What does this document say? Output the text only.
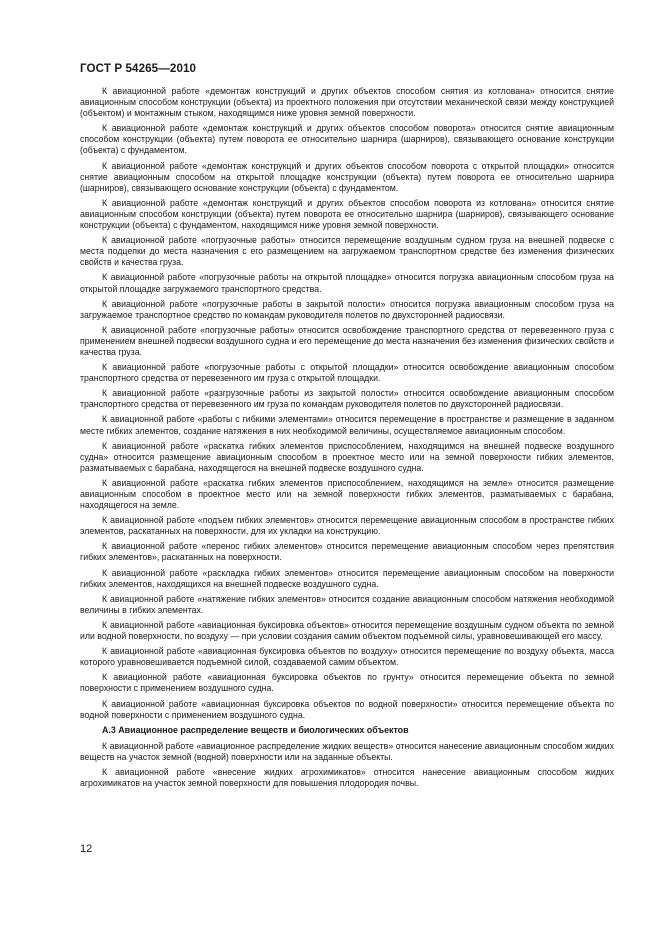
ГОСТ Р 54265—2010

К авиационной работе «демонтаж конструкций и других объектов способом снятия из котлована» относится снятие авиационным способом конструкции (объекта) из проектного положения при отсутствии механической связи между конструкцией (объектом) и монтажным стыком, находящимся ниже уровня земной поверхности.

К авиационной работе «демонтаж конструкций и других объектов способом поворота» относится снятие авиационным способом конструкции (объекта) путем поворота ее относительно шарнира (шарниров), связывающего основание конструкции (объекта) с фундаментом.

К авиационной работе «демонтаж конструкций и других объектов способом поворота с открытой площадки» относится снятие авиационным способом на открытой площадке конструкции (объекта) путем поворота ее относительно шарнира (шарниров), связывающего основание конструкции (объекта) с фундаментом.

К авиационной работе «демонтаж конструкций и других объектов способом поворота из котлована» относится снятие авиационным способом конструкции (объекта) путем поворота ее относительно шарнира (шарниров), связывающего основание конструкции (объекта) с фундаментом, находящимся ниже уровня земной поверхности.

К авиационной работе «погрузочные работы» относится перемещение воздушным судном груза на внешней подвеске с места подцепки до места назначения с его размещением на загружаемом транспортном средстве без изменения физических свойств и качества груза.

К авиационной работе «погрузочные работы на открытой площадке» относится погрузка авиационным способом груза на открытой площадке загружаемого транспортного средства.

К авиационной работе «погрузочные работы в закрытой полости» относится погрузка авиационным способом груза на загружаемое транспортное средство по командам руководителя полетов по двухсторонней радиосвязи.

К авиационной работе «погрузочные работы» относится освобождение транспортного средства от перевезенного груза с применением внешней подвески воздушного судна и его перемещение до места назначения без изменения физических свойств и качества груза.

К авиационной работе «погрузочные работы с открытой площадки» относится освобождение авиационным способом транспортного средства от перевезенного им груза с открытой площадки.

К авиационной работе «разгрузочные работы из закрытой полости» относится освобождение авиационным способом транспортного средства от перевезенного им груза по командам руководителя полетов по двухсторонней радиосвязи.

К авиационной работе «работы с гибкими элементами» относится перемещение в пространстве и размещение в заданном месте гибких элементов, создание натяжения в них необходимой величины, осуществляемое авиационным способом.

К авиационной работе «раскатка гибких элементов приспособлением, находящимся на внешней подвеске воздушного судна» относится размещение авиационным способом в проектное место или на земной поверхности гибких элементов, разматываемых с барабана, находящегося на внешней подвеске воздушного судна.

К авиационной работе «раскатка гибких элементов приспособлением, находящимся на земле» относится размещение авиационным способом в проектное место или на земной поверхности гибких элементов, разматываемых с барабана, находящегося на земле.

К авиационной работе «подъем гибких элементов» относится перемещение авиационным способом в пространстве гибких элементов, раскатанных на поверхности, для их укладки на конструкцию.

К авиационной работе «перенос гибких элементов» относится перемещение авиационным способом через препятствия гибких элементов», раскатанных на поверхности.

К авиационной работе «раскладка гибких элементов» относится перемещение авиационным способом на поверхности гибких элементов, находящихся на внешней подвеске воздушного судна.

К авиационной работе «натяжение гибких элементов» относится создание авиационным способом натяжения необходимой величины в гибких элементах.

К авиационной работе «авиационная буксировка объектов» относится перемещение воздушным судном объекта по земной или водной поверхности, по воздуху — при условии создания самим объектом подъемной силы, уравновешивающей его массу.

К авиационной работе «авиационная буксировка объектов по воздуху» относится перемещение по воздуху объекта, масса которого уравновешивается подъемной силой, создаваемой самим объектом.

К авиационной работе «авиационная буксировка объектов по грунту» относится перемещение объекта по земной поверхности с применением воздушного судна.

К авиационной работе «авиационная буксировка объектов по водной поверхности» относится перемещение объекта по водной поверхности с применением воздушного судна.

А.3 Авиационное распределение веществ и биологических объектов

К авиационной работе «авиационное распределение жидких веществ» относится нанесение авиационным способом жидких веществ на участок земной (водной) поверхности или на заданные объекты.

К авиационной работе «внесение жидких агрохимикатов» относится нанесение авиационным способом жидких агрохимикатов на участок земной поверхности для повышения плодородия почвы.

12
